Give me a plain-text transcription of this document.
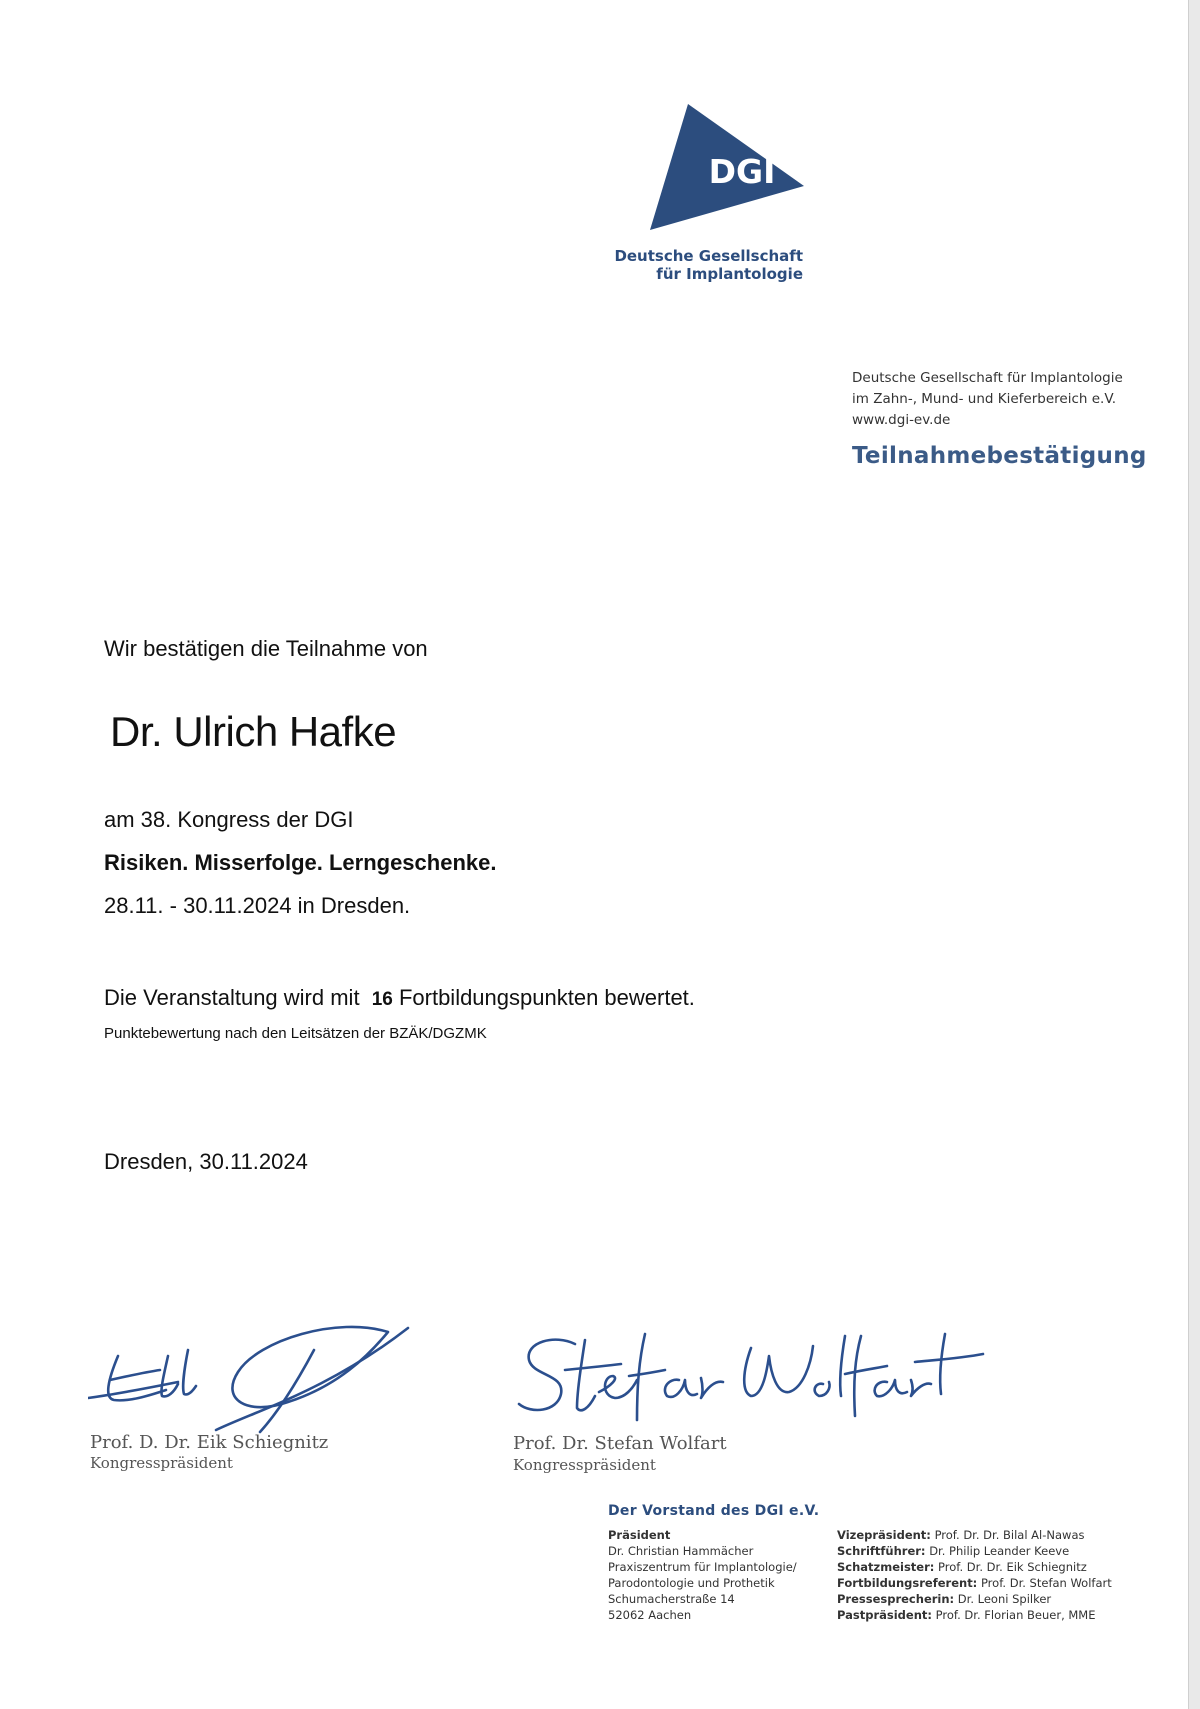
DGI
Deutsche Gesellschaft
für Implantologie
Deutsche Gesellschaft für Implantologie
im Zahn-, Mund- und Kieferbereich e.V.
www.dgi-ev.de
Teilnahmebestätigung
Wir bestätigen die Teilnahme von
Dr. Ulrich Hafke
am 38. Kongress der DGI
Risiken. Misserfolge. Lerngeschenke.
28.11. - 30.11.2024 in Dresden.
Die Veranstaltung wird mit 16 Fortbildungspunkten bewertet.
Punktebewertung nach den Leitsätzen der BZÄK/DGZMK
Dresden, 30.11.2024
Prof. D. Dr. Eik Schiegnitz
Kongresspräsident
Prof. Dr. Stefan Wolfart
Kongresspräsident
Der Vorstand des DGI e.V.
Präsident
Dr. Christian Hammächer
Praxiszentrum für Implantologie/
Parodontologie und Prothetik
Schumacherstraße 14
52062 Aachen
Vizepräsident: Prof. Dr. Dr. Bilal Al-Nawas
Schriftführer: Dr. Philip Leander Keeve
Schatzmeister: Prof. Dr. Dr. Eik Schiegnitz
Fortbildungsreferent: Prof. Dr. Stefan Wolfart
Pressesprecherin: Dr. Leoni Spilker
Pastpräsident: Prof. Dr. Florian Beuer, MME
